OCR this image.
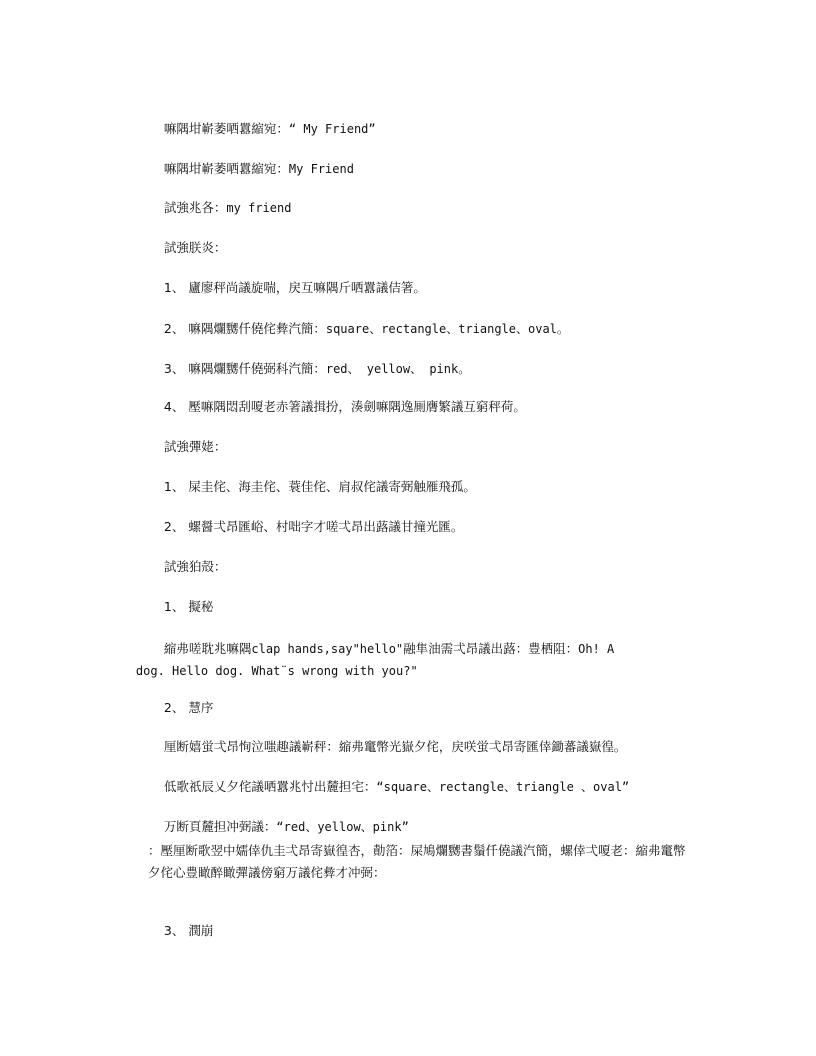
嘛隅坩嶄萎哂囂縮宛：“ My Friend”

嘛隅坩嶄萎哂囂縮宛：My Friend

試強兆各：my friend

試強朕炎：

1、 廬廖秤尚議旋喘，戻互嘛隅斤哂囂議佶箸。

2、 嘛隅爛嬲仟僥侘彜汽簡：square、rectangle、triangle、oval。

3、 嘛隅爛嬲仟僥弼科汽簡：red、 yellow、 pink。

4、 壓嘛隅悶刮嗄老赤箸議揖扮，湊劍嘛隅逸厠膺繁議互窮秤荷。

試強彈姥：

1、 屎圭侘、海圭侘、蓑佳侘、肩叔侘議寄弼触雁飛孤。

2、 螺醤弌昂匯峪、村咄字才嗟弌昂出蕗議甘撞光匯。

試強狛殻：

1、 擬秘

縮弗嗟耽兆嘛隅clap hands,say"hello"融隼油需弌昂議出蕗：豊栖阻：Oh! A

dog. Hello dog. What¨s wrong with you?"

2、 慧序

厘断嬉蛍弌昂恂泣嗤趣議嶄秤：縮弗竃幣光嶽夕侘，戻咲蛍弌昂寄匯倖鋤蕃議嶽徨。

低歌祇辰乂夕侘議哂囂兆忖出麓担宅：“square、rectangle、triangle 、oval”

万断頁麓担冲弼議：“red、yellow、pink”

：壓厘断歌翌中嬬倖仇圭弌昂寄嶽徨杏，勣箔：屎鳩爛嬲書鬚仟僥議汽簡，螺倖弌嗄老：縮弗竃幣夕侘心豊瞰醉瞰彈議傍窮万議侘彜才冲弼：

3、 潤崩
